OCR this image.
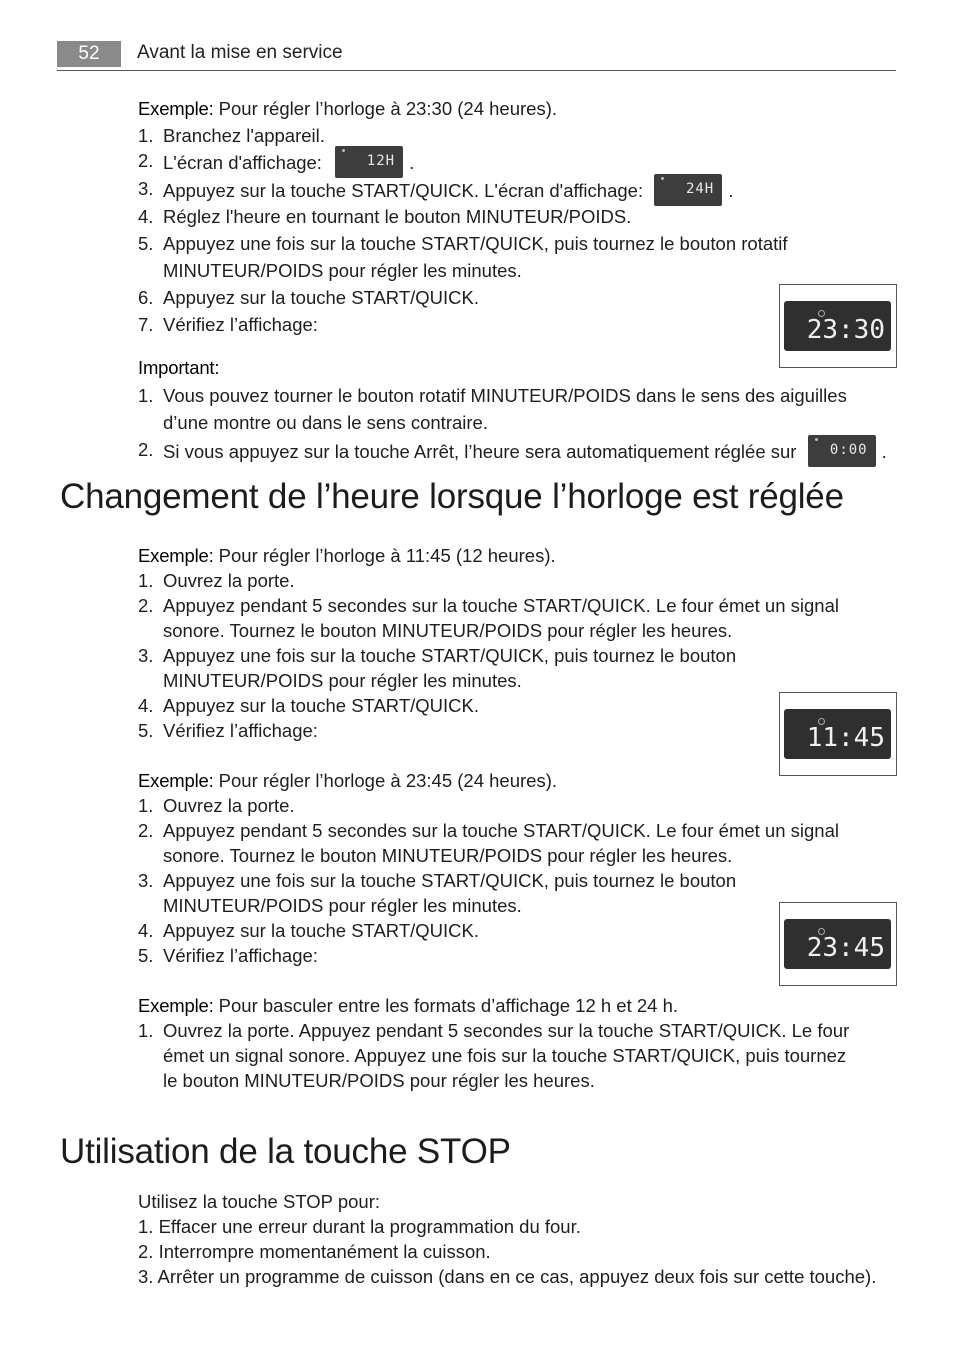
52	Avant la mise en service
Exemple: Pour régler l’horloge à 23:30 (24 heures).
1. Branchez l'appareil.
2. L'écran d'affichage:	12H .
3. Appuyez sur la touche START/QUICK. L'écran d'affichage:	24H .
4. Réglez l'heure en tournant le bouton MINUTEUR/POIDS.
5. Appuyez une fois sur la touche START/QUICK, puis tournez le bouton rotatif
MINUTEUR/POIDS pour régler les minutes.
6. Appuyez sur la touche START/QUICK.
7. Vérifiez l’affichage:	23:30
Important:
1. Vous pouvez tourner le bouton rotatif MINUTEUR/POIDS dans le sens des aiguilles
d’une montre ou dans le sens contraire.
2. Si vous appuyez sur la touche Arrêt, l’heure sera automatiquement réglée sur 0:00 .
Changement de l’heure lorsque l’horloge est réglée
Exemple: Pour régler l’horloge à 11:45 (12 heures).
1. Ouvrez la porte.
2. Appuyez pendant 5 secondes sur la touche START/QUICK. Le four émet un signal
sonore. Tournez le bouton MINUTEUR/POIDS pour régler les heures.
3. Appuyez une fois sur la touche START/QUICK, puis tournez le bouton
MINUTEUR/POIDS pour régler les minutes.
4. Appuyez sur la touche START/QUICK.
5. Vérifiez l’affichage:	11:45
Exemple: Pour régler l’horloge à 23:45 (24 heures).
1. Ouvrez la porte.
2. Appuyez pendant 5 secondes sur la touche START/QUICK. Le four émet un signal
sonore. Tournez le bouton MINUTEUR/POIDS pour régler les heures.
3. Appuyez une fois sur la touche START/QUICK, puis tournez le bouton
MINUTEUR/POIDS pour régler les minutes.
4. Appuyez sur la touche START/QUICK.
5. Vérifiez l’affichage:	23:45
Exemple: Pour basculer entre les formats d’affichage 12 h et 24 h.
1. Ouvrez la porte. Appuyez pendant 5 secondes sur la touche START/QUICK. Le four
émet un signal sonore. Appuyez une fois sur la touche START/QUICK, puis tournez
le bouton MINUTEUR/POIDS pour régler les heures.
Utilisation de la touche STOP
Utilisez la touche STOP pour:
1. Effacer une erreur durant la programmation du four.
2. Interrompre momentanément la cuisson.
3. Arrêter un programme de cuisson (dans en ce cas, appuyez deux fois sur cette touche).
